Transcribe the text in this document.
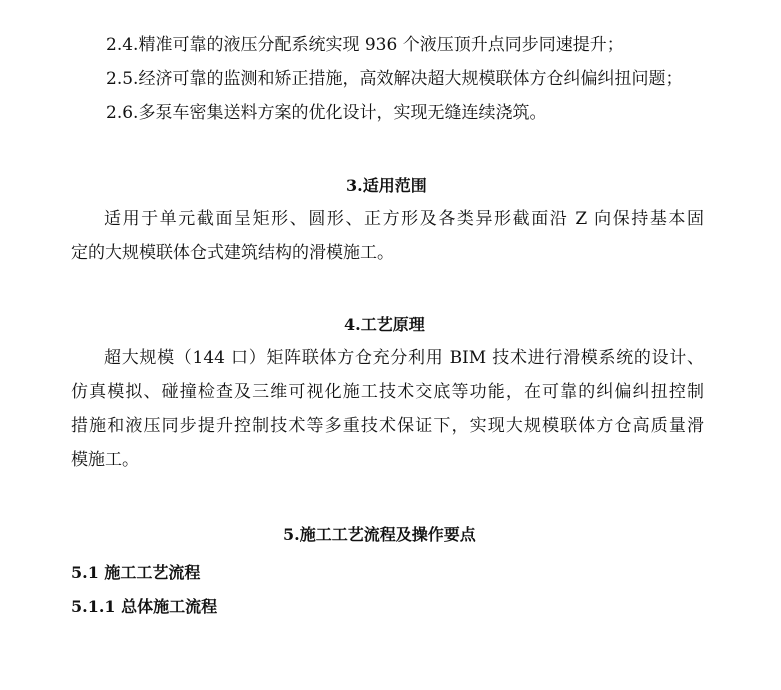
2.4.精准可靠的液压分配系统实现 936 个液压顶升点同步同速提升；
2.5.经济可靠的监测和矫正措施，高效解决超大规模联体方仓纠偏纠扭问题；
2.6.多泵车密集送料方案的优化设计，实现无缝连续浇筑。
3.适用范围
适用于单元截面呈矩形、圆形、正方形及各类异形截面沿 Z 向保持基本固
定的大规模联体仓式建筑结构的滑模施工。
4.工艺原理
超大规模（144 口）矩阵联体方仓充分利用 BIM 技术进行滑模系统的设计、
仿真模拟、碰撞检查及三维可视化施工技术交底等功能，在可靠的纠偏纠扭控制
措施和液压同步提升控制技术等多重技术保证下，实现大规模联体方仓高质量滑
模施工。
5.施工工艺流程及操作要点
5.1 施工工艺流程
5.1.1 总体施工流程
